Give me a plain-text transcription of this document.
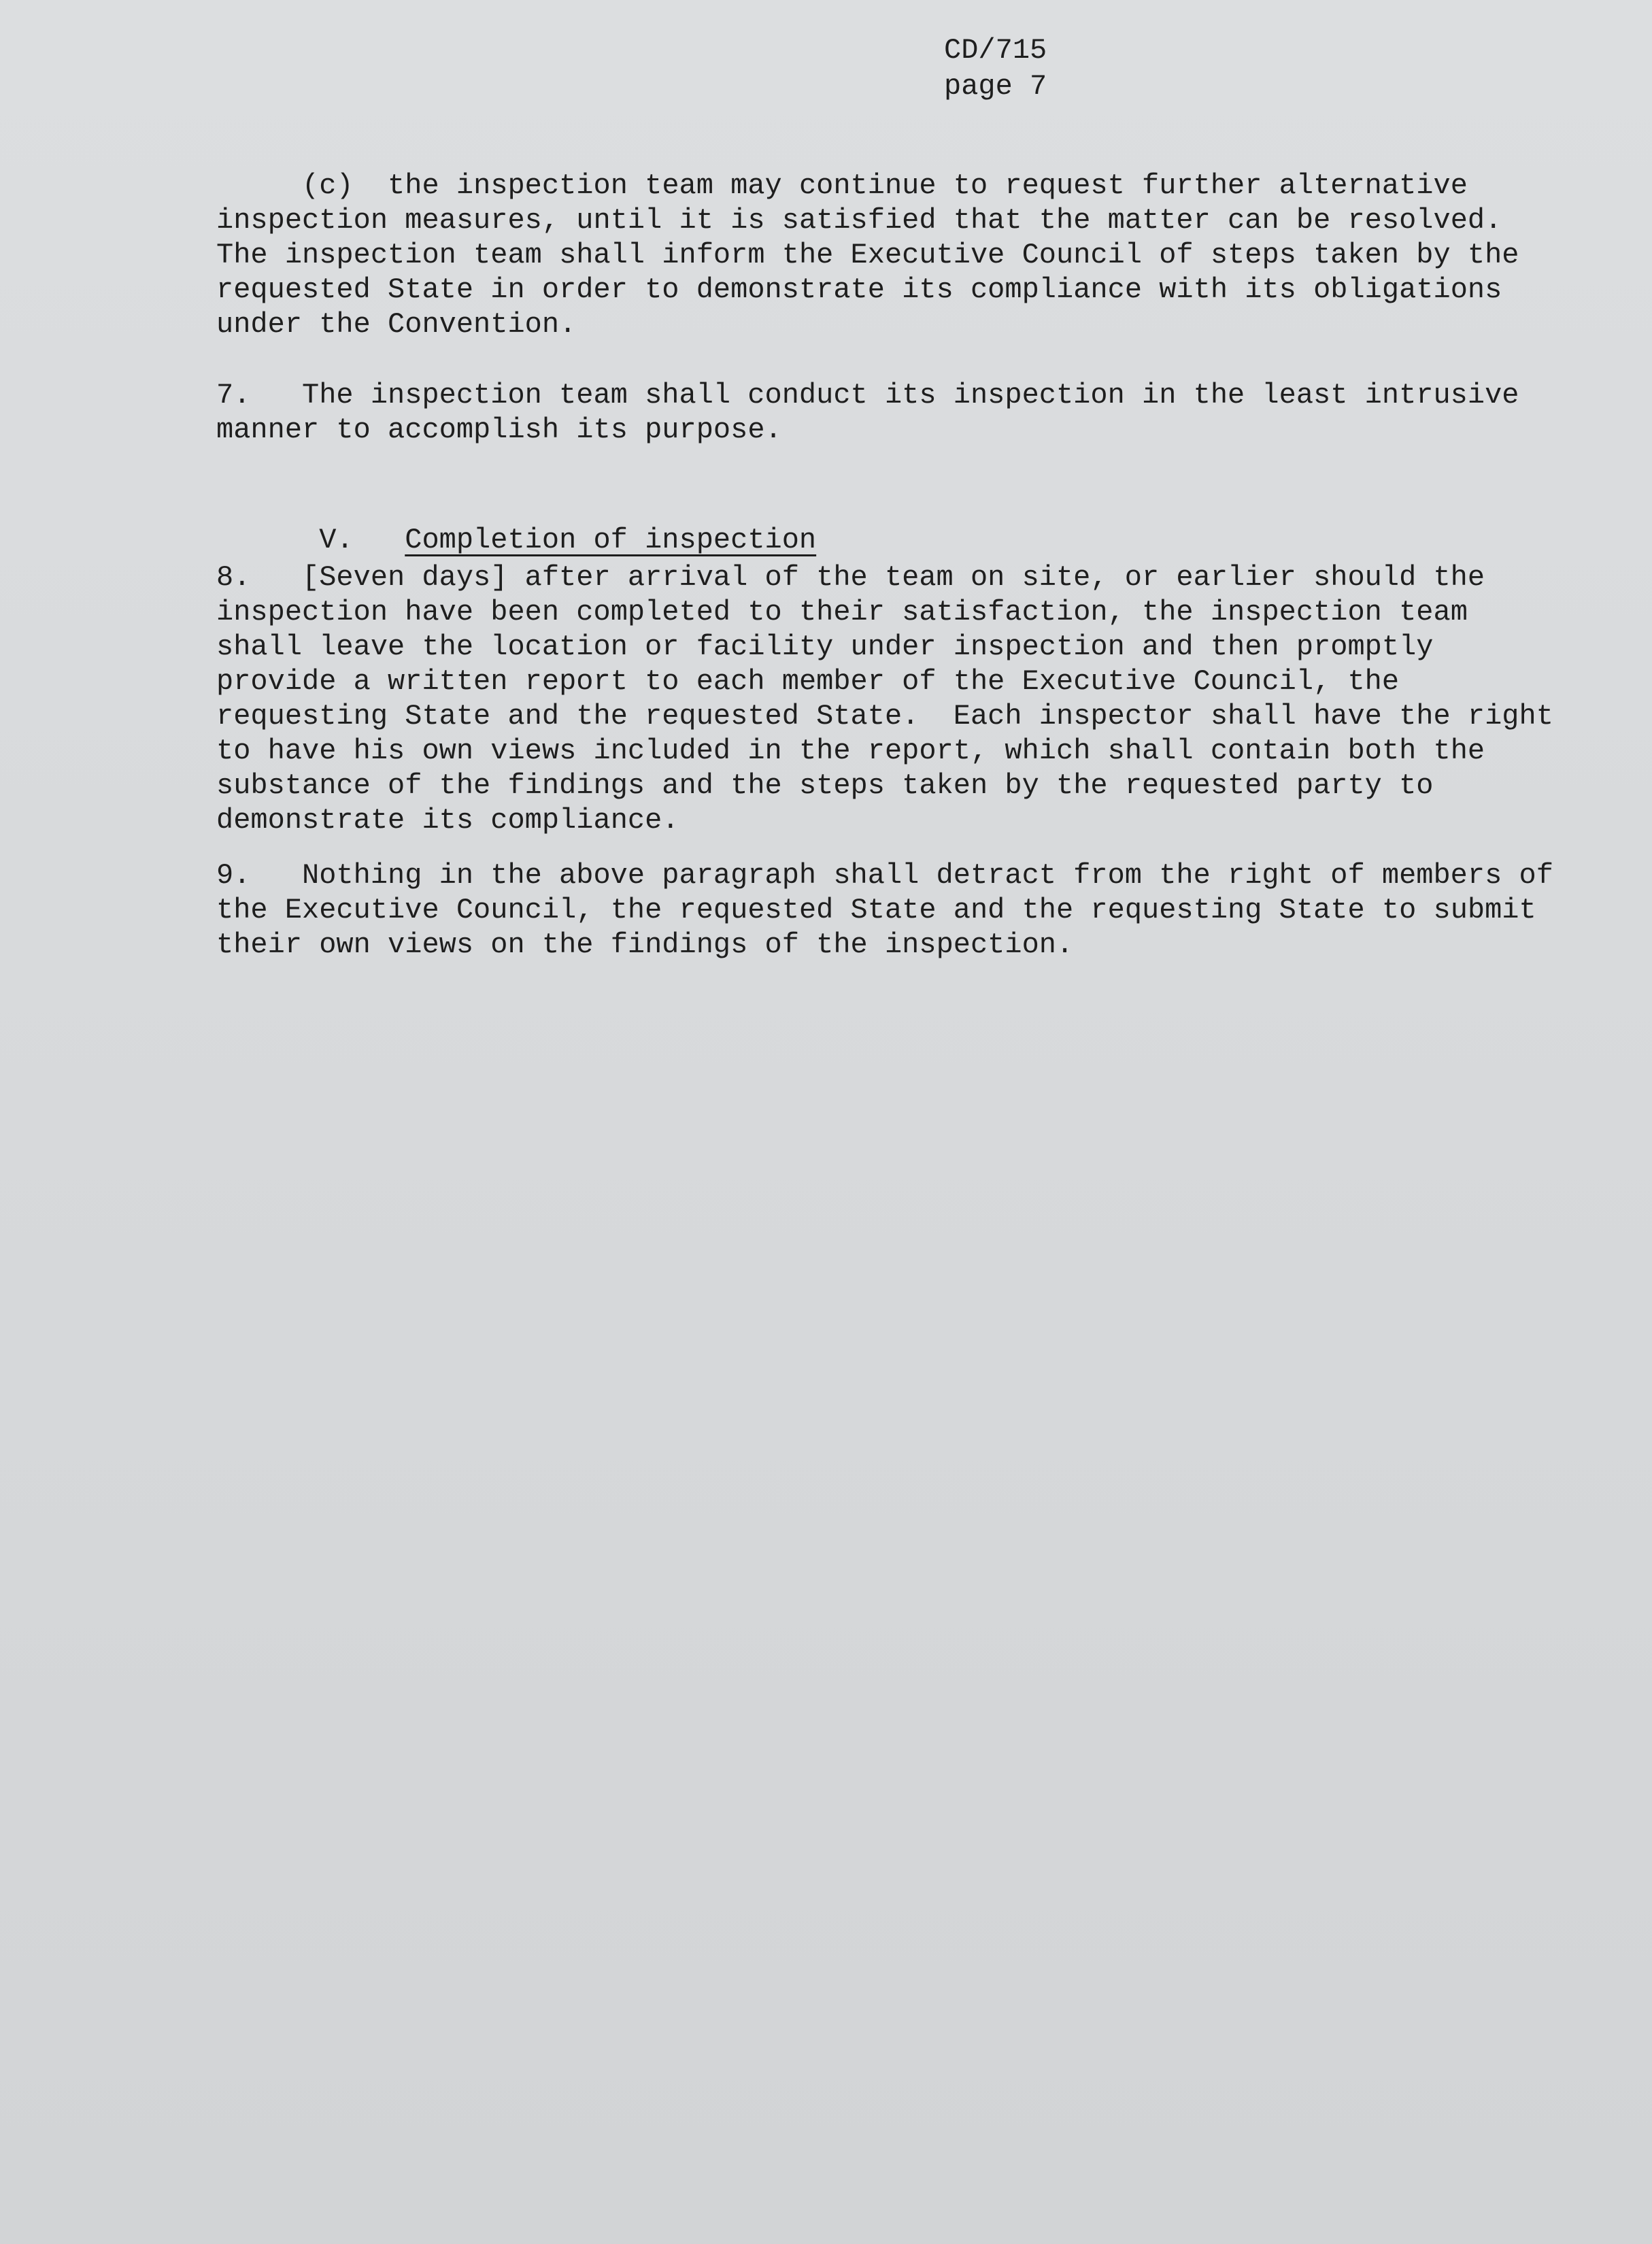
CD/715
page 7
(c) the inspection team may continue to request further alternative
inspection measures, until it is satisfied that the matter can be resolved.
The inspection team shall inform the Executive Council of steps taken by the
requested State in order to demonstrate its compliance with its obligations
under the Convention.
7. The inspection team shall conduct its inspection in the least intrusive
manner to accomplish its purpose.

V. Completion of inspection

8. [Seven days] after arrival of the team on site, or earlier should the
inspection have been completed to their satisfaction, the inspection team
shall leave the location or facility under inspection and then promptly
provide a written report to each member of the Executive Council, the
requesting State and the requested State.  Each inspector shall have the right
to have his own views included in the report, which shall contain both the
substance of the findings and the steps taken by the requested party to
demonstrate its compliance.
9. Nothing in the above paragraph shall detract from the right of members of
the Executive Council, the requested State and the requesting State to submit
their own views on the findings of the inspection.
